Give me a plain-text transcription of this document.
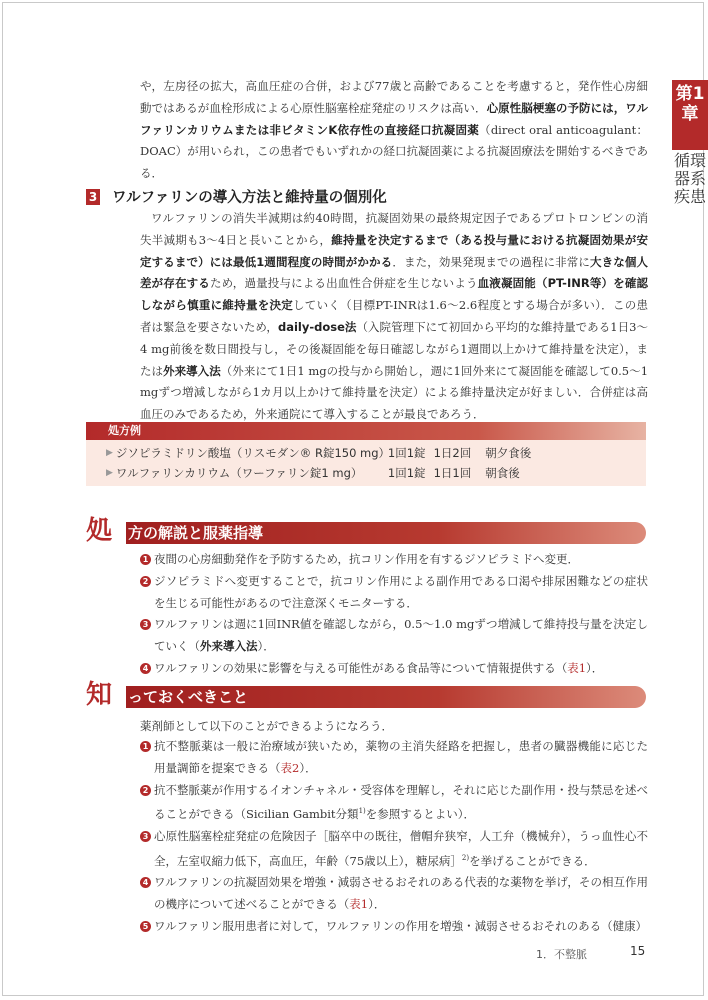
第1章
循環器系疾患

や，左房径の拡大，高血圧症の合併，および77歳と高齢であることを考慮すると，発作性心房細動ではあるが血栓形成による心原性脳塞栓症発症のリスクは高い．心原性脳梗塞の予防には，ワルファリンカリウムまたは非ビタミンK依存性の直接経口抗凝固薬（direct oral anticoagulant：DOAC）が用いられ，この患者でもいずれかの経口抗凝固薬による抗凝固療法を開始するべきである．

3 ワルファリンの導入方法と維持量の個別化

ワルファリンの消失半減期は約40時間，抗凝固効果の最終規定因子であるプロトロンビンの消失半減期も3～4日と長いことから，維持量を決定するまで（ある投与量における抗凝固効果が安定するまで）には最低1週間程度の時間がかかる．また，効果発現までの過程に非常に大きな個人差が存在するため，過量投与による出血性合併症を生じないよう血液凝固能（PT-INR等）を確認しながら慎重に維持量を決定していく（目標PT-INRは1.6～2.6程度とする場合が多い）．この患者は緊急を要さないため，daily-dose法（入院管理下にて初回から平均的な維持量である1日3～4 mg前後を数日間投与し，その後凝固能を毎日確認しながら1週間以上かけて維持量を決定），または外来導入法（外来にて1日1 mgの投与から開始し，週に1回外来にて凝固能を確認して0.5～1 mgずつ増減しながら1カ月以上かけて維持量を決定）による維持量決定が好ましい．合併症は高血圧のみであるため，外来通院にて導入することが最良であろう．

処方例
▶ ジソピラミドリン酸塩（リスモダン® R錠150 mg）
1回1錠 1日2回 朝夕食後
▶ ワルファリンカリウム（ワーファリン錠1 mg）	1回1錠 1日1回 朝食後
処 方の解説と服薬指導
1 夜間の心房細動発作を予防するため，抗コリン作用を有するジソピラミドへ変更．
2 ジソピラミドへ変更することで，抗コリン作用による副作用である口渇や排尿困難などの症状を生じる可能性があるので注意深くモニターする．
3 ワルファリンは週に1回INR値を確認しながら，0.5～1.0 mgずつ増減して維持投与量を決定していく（外来導入法）．
4 ワルファリンの効果に影響を与える可能性がある食品等について情報提供する（表1）．
知 っておくべきこと
薬剤師として以下のことができるようになろう．
1 抗不整脈薬は一般に治療域が狭いため，薬物の主消失経路を把握し，患者の臓器機能に応じた用量調節を提案できる（表2）．
2 抗不整脈薬が作用するイオンチャネル・受容体を理解し，それに応じた副作用・投与禁忌を述べることができる（Sicilian Gambit分類$^{1)}$を参照するとよい）．
3 心原性脳塞栓症発症の危険因子［脳卒中の既往，僧帽弁狭窄，人工弁（機械弁），うっ血性心不全，左室収縮力低下，高血圧，年齢（75歳以上），糖尿病］$^{2)}$を挙げることができる．
4 ワルファリンの抗凝固効果を増強・減弱させるおそれのある代表的な薬物を挙げ，その相互作用の機序について述べることができる（表1）．
5 ワルファリン服用患者に対して，ワルファリンの作用を増強・減弱させるおそれのある（健康）
1．不整脈	15
